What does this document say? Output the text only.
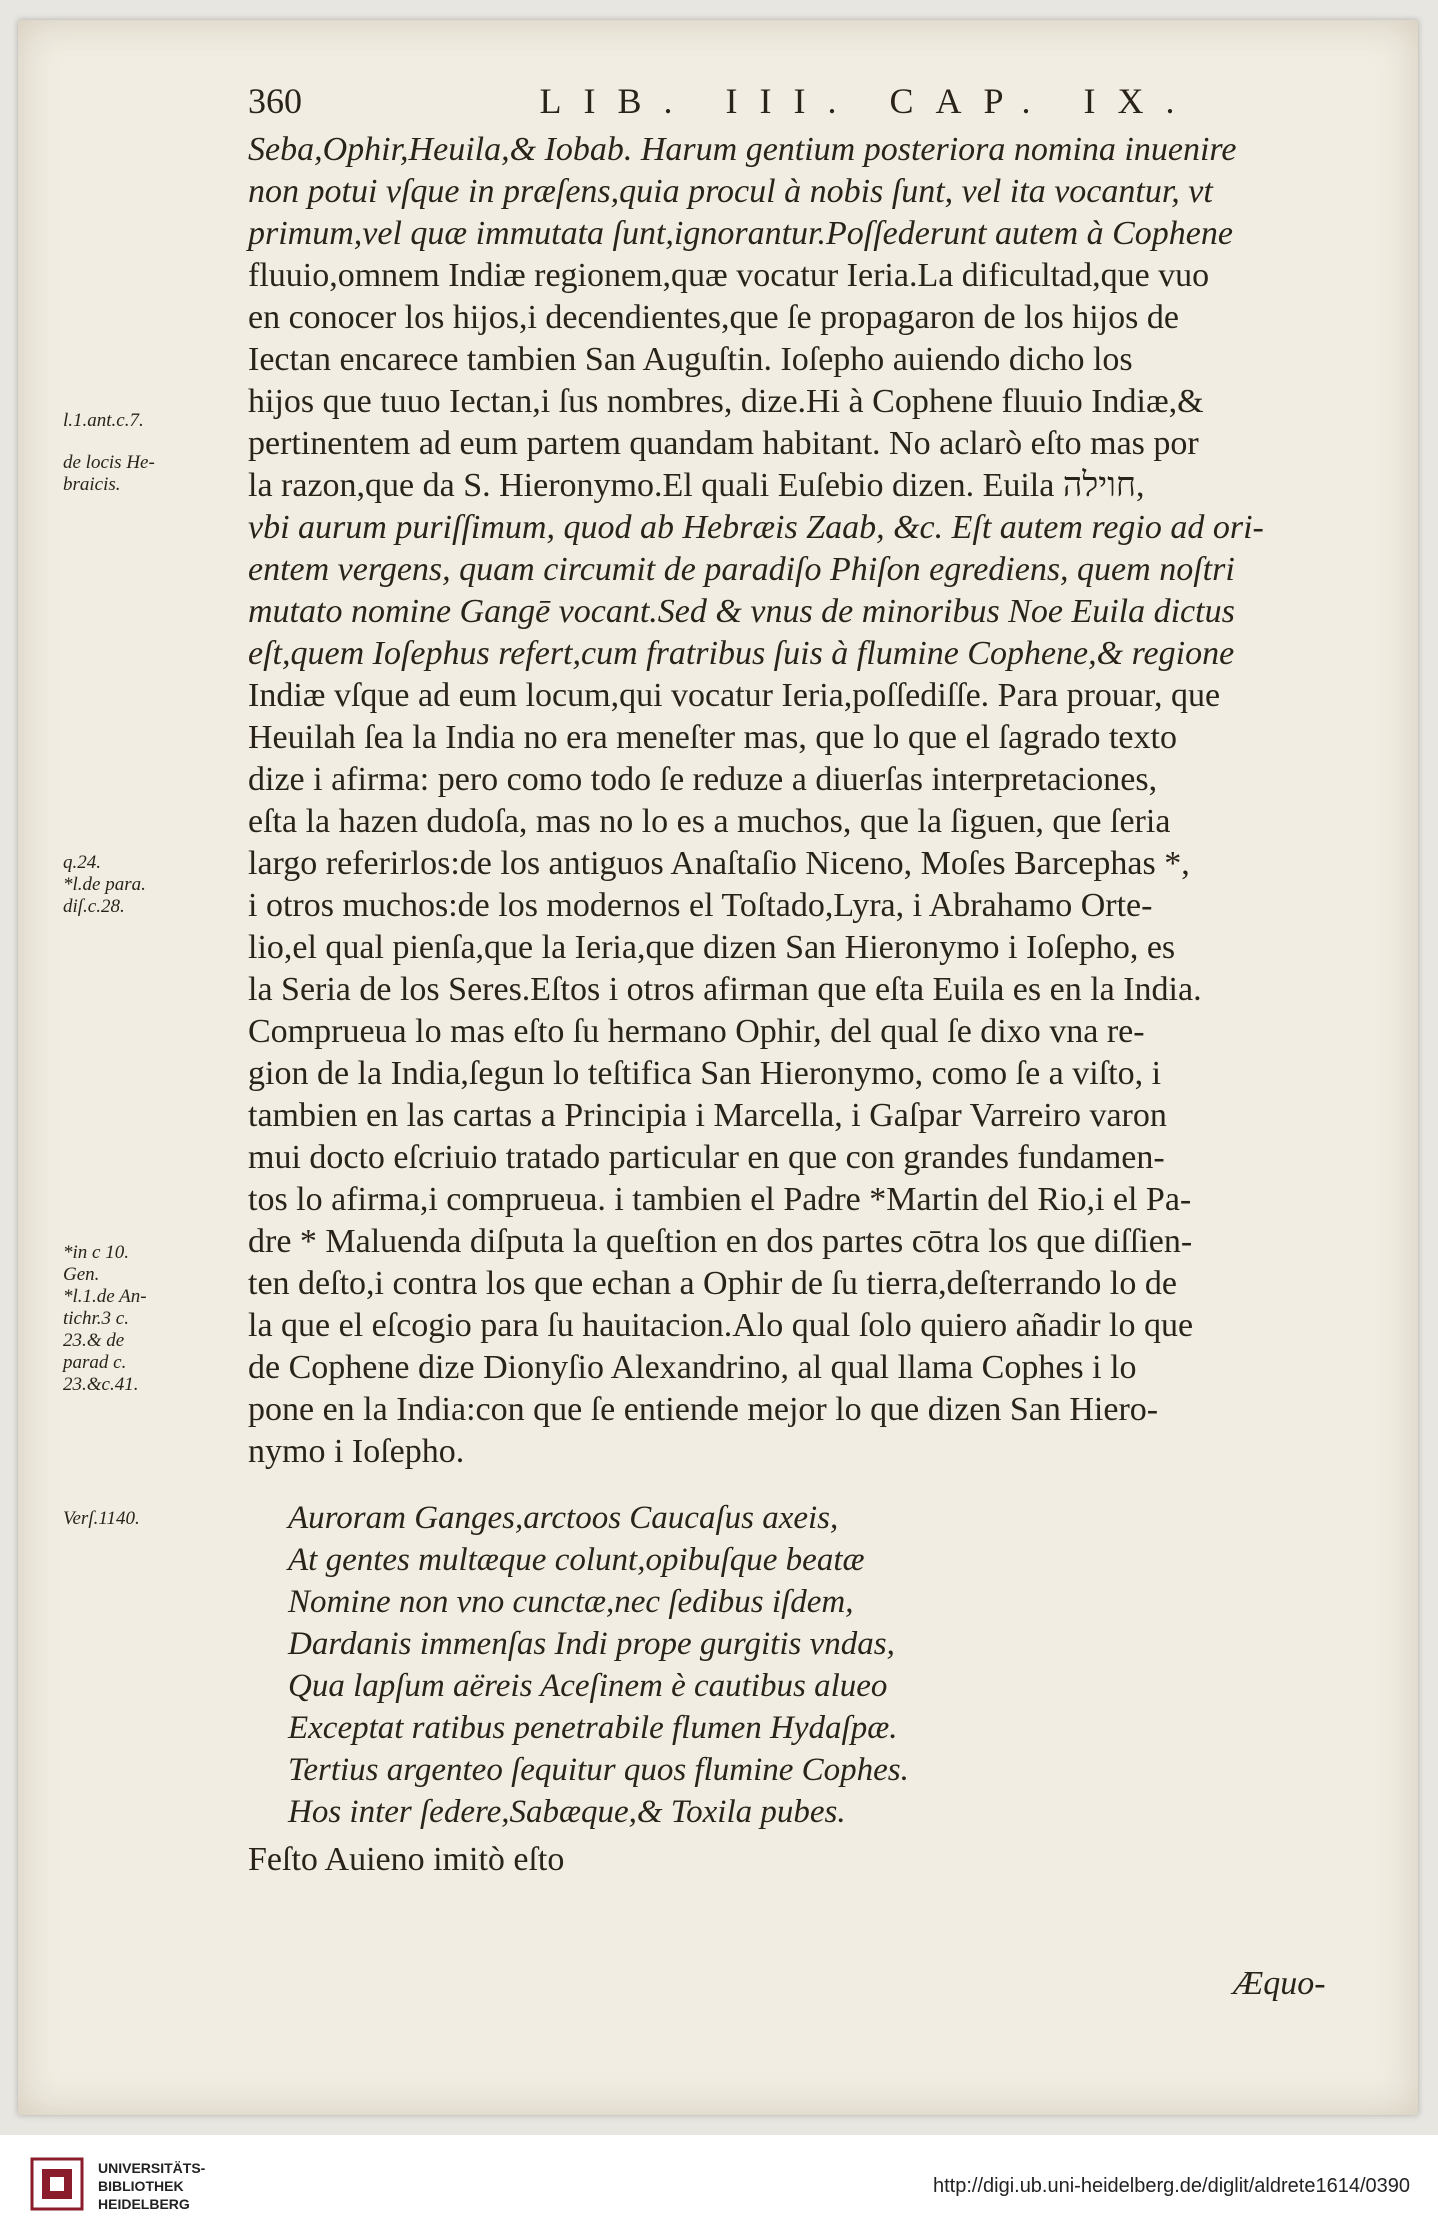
360	LIB. III. CAP. IX.
Seba,Ophir,Heuila,& Iobab. Harum gentium posteriora nomina inuenire
non potui vſque in præſens,quia procul à nobis ſunt, vel ita vocantur, vt
primum,vel quæ immutata ſunt,ignorantur.Poſſederunt autem à Cophene
fluuio,omnem Indiæ regionem,quæ vocatur Ieria.La dificultad,que vuo
en conocer los hijos,i decendientes,que ſe propagaron de los hijos de
Iectan encarece tambien San Auguſtin. Ioſepho auiendo dicho los
hijos que tuuo Iectan,i ſus nombres, dize.Hi à Cophene fluuio Indiæ,&
pertinentem ad eum partem quandam habitant. No aclarò eſto mas por
la razon,que da S. Hieronymo.El quali Euſebio dizen. Euila חוילה,
vbi aurum puriſſimum, quod ab Hebræis Zaab, &c. Eſt autem regio ad ori-
entem vergens, quam circumit de paradiſo Phiſon egrediens, quem noſtri
mutato nomine Gangē vocant.Sed & vnus de minoribus Noe Euila dictus
eſt,quem Ioſephus refert,cum fratribus ſuis à flumine Cophene,& regione
Indiæ vſque ad eum locum,qui vocatur Ieria,poſſediſſe. Para prouar, que
Heuilah ſea la India no era meneſter mas, que lo que el ſagrado texto
dize i afirma: pero como todo ſe reduze a diuerſas interpretaciones,
eſta la hazen dudoſa, mas no lo es a muchos, que la ſiguen, que ſeria
largo referirlos:de los antiguos Anaſtaſio Niceno, Moſes Barcephas *,
i otros muchos:de los modernos el Toſtado,Lyra, i Abrahamo Orte-
lio,el qual pienſa,que la Ieria,que dizen San Hieronymo i Ioſepho, es
la Seria de los Seres.Eſtos i otros afirman que eſta Euila es en la India.
Comprueua lo mas eſto ſu hermano Ophir, del qual ſe dixo vna re-
gion de la India,ſegun lo teſtifica San Hieronymo, como ſe a viſto, i
tambien en las cartas a Principia i Marcella, i Gaſpar Varreiro varon
mui docto eſcriuio tratado particular en que con grandes fundamen-
tos lo afirma,i comprueua. i tambien el Padre *Martin del Rio,i el Pa-
dre * Maluenda diſputa la queſtion en dos partes cōtra los que diſſien-
ten deſto,i contra los que echan a Ophir de ſu tierra,deſterrando lo de
la que el eſcogio para ſu hauitacion.Alo qual ſolo quiero añadir lo que
de Cophene dize Dionyſio Alexandrino, al qual llama Cophes i lo
pone en la India:con que ſe entiende mejor lo que dizen San Hiero-
nymo i Ioſepho.
Auroram Ganges,arctoos Caucaſus axeis,
At gentes multæque colunt,opibuſque beatæ
Nomine non vno cunctæ,nec ſedibus iſdem,
Dardanis immenſas Indi prope gurgitis vndas,
Qua lapſum aëreis Aceſinem è cautibus alueo
Exceptat ratibus penetrabile flumen Hydaſpæ.
Tertius argenteo ſequitur quos flumine Cophes.
Hos inter ſedere,Sabæque,& Toxila pubes.
Feſto Auieno imitò eſto
l.1.ant.c.7.
de locis He-
braicis.
q.24.
*l.de para.
diſ.c.28.
*in c 10.
Gen.
*l.1.de An-
tichr.3 c.
23.& de
parad c.
23.&c.41.
Verſ.1140.
Æquo-
UNIVERSITÄTS-
BIBLIOTHEK
HEIDELBERG
http://digi.ub.uni-heidelberg.de/diglit/aldrete1614/0390
